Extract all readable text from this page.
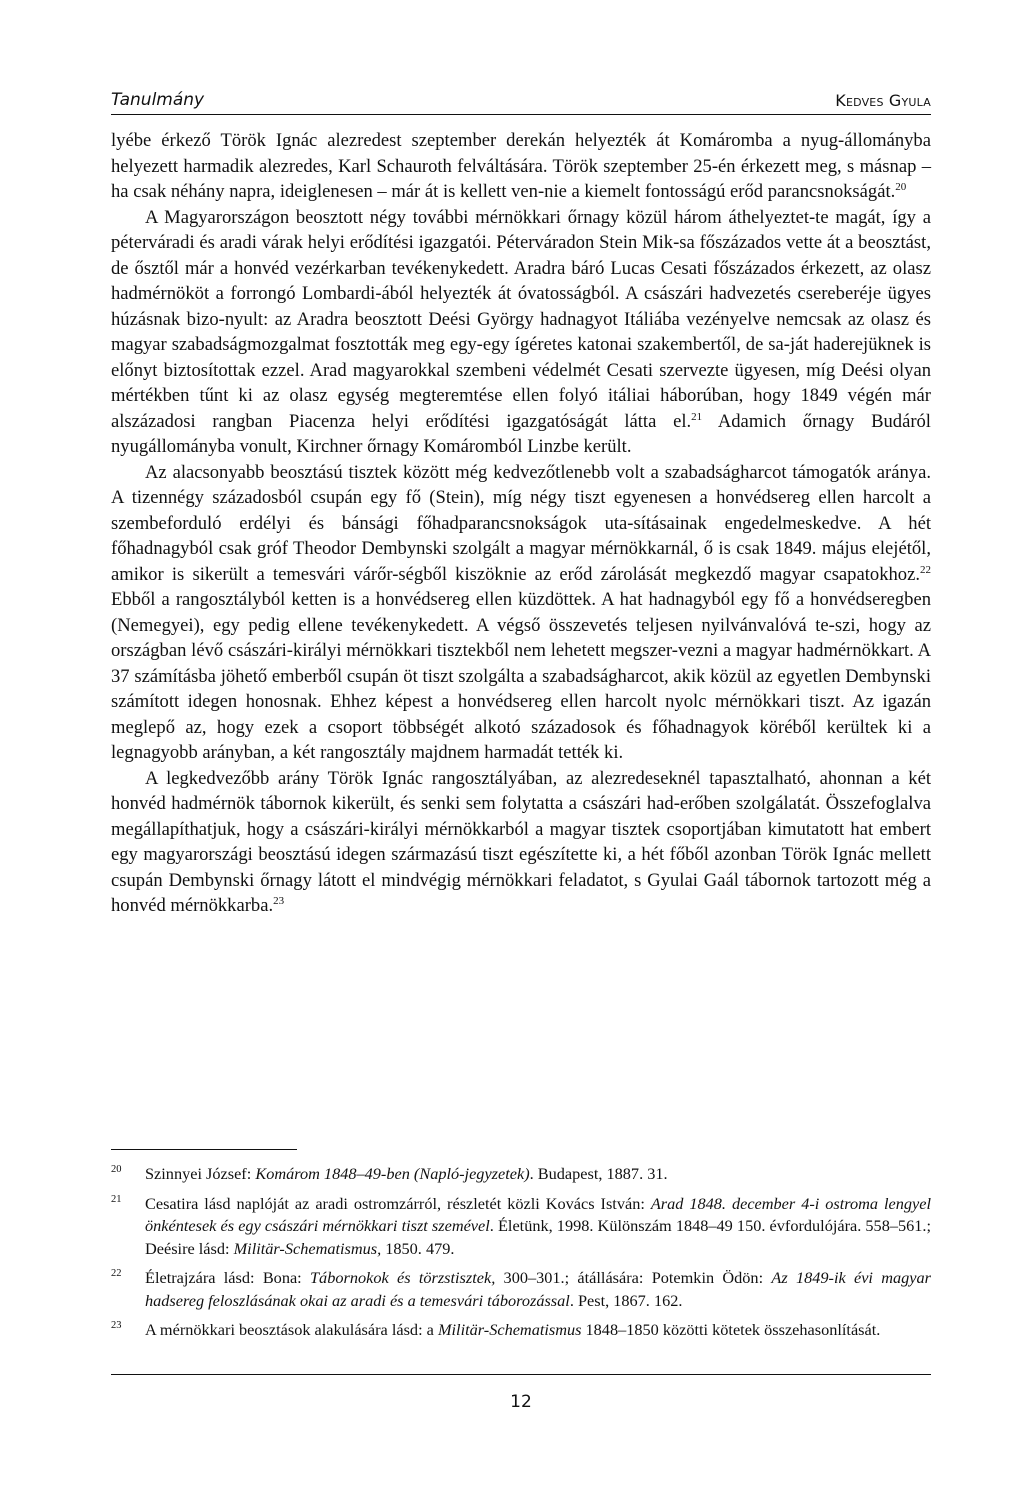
Tanulmány	Kedves Gyula

lyébe érkező Török Ignác alezredest szeptember derekán helyezték át Komáromba a nyug-állományba helyezett harmadik alezredes, Karl Schauroth felváltására. Török szeptember 25-én érkezett meg, s másnap – ha csak néhány napra, ideiglenesen – már át is kellett ven-nie a kiemelt fontosságú erőd parancsnokságát.$^{20}$

A Magyarországon beosztott négy további mérnökkari őrnagy közül három áthelyeztet-te magát, így a péterváradi és aradi várak helyi erődítési igazgatói. Péterváradon Stein Mik-sa főszázados vette át a beosztást, de ősztől már a honvéd vezérkarban tevékenykedett. Aradra báró Lucas Cesati főszázados érkezett, az olasz hadmérnököt a forrongó Lombardi-ából helyezték át óvatosságból. A császári hadvezetés csereberéje ügyes húzásnak bizo-nyult: az Aradra beosztott Deési György hadnagyot Itáliába vezényelve nemcsak az olasz és magyar szabadságmozgalmat fosztották meg egy-egy ígéretes katonai szakembertől, de sa-ját haderejüknek is előnyt biztosítottak ezzel. Arad magyarokkal szembeni védelmét Cesati szervezte ügyesen, míg Deési olyan mértékben tűnt ki az olasz egység megteremtése ellen folyó itáliai háborúban, hogy 1849 végén már alszázadosi rangban Piacenza helyi erődítési igazgatóságát látta el.$^{21}$ Adamich őrnagy Budáról nyugállományba vonult, Kirchner őrnagy Komáromból Linzbe került.

Az alacsonyabb beosztású tisztek között még kedvezőtlenebb volt a szabadságharcot támogatók aránya. A tizennégy századosból csupán egy fő (Stein), míg négy tiszt egyenesen a honvédsereg ellen harcolt a szembeforduló erdélyi és bánsági főhadparancsnokságok uta-sításainak engedelmeskedve. A hét főhadnagyból csak gróf Theodor Dembynski szolgált a magyar mérnökkarnál, ő is csak 1849. május elejétől, amikor is sikerült a temesvári várőr-ségből kiszöknie az erőd zárolását megkezdő magyar csapatokhoz.$^{22}$ Ebből a rangosztályból ketten is a honvédsereg ellen küzdöttek. A hat hadnagyból egy fő a honvédseregben (Nemegyei), egy pedig ellene tevékenykedett. A végső összevetés teljesen nyilvánvalóvá te-szi, hogy az országban lévő császári-királyi mérnökkari tisztekből nem lehetett megszer-vezni a magyar hadmérnökkart. A 37 számításba jöhető emberből csupán öt tiszt szolgálta a szabadságharcot, akik közül az egyetlen Dembynski számított idegen honosnak. Ehhez képest a honvédsereg ellen harcolt nyolc mérnökkari tiszt. Az igazán meglepő az, hogy ezek a csoport többségét alkotó századosok és főhadnagyok köréből kerültek ki a legnagyobb arányban, a két rangosztály majdnem harmadát tették ki.

A legkedvezőbb arány Török Ignác rangosztályában, az alezredeseknél tapasztalható, ahonnan a két honvéd hadmérnök tábornok kikerült, és senki sem folytatta a császári had-erőben szolgálatát. Összefoglalva megállapíthatjuk, hogy a császári-királyi mérnökkarból a magyar tisztek csoportjában kimutatott hat embert egy magyarországi beosztású idegen származású tiszt egészítette ki, a hét főből azonban Török Ignác mellett csupán Dembynski őrnagy látott el mindvégig mérnökkari feladatot, s Gyulai Gaál tábornok tartozott még a honvéd mérnökkarba.$^{23}$

20 Szinnyei József: Komárom 1848–49-ben (Napló-jegyzetek). Budapest, 1887. 31.
21 Cesatira lásd naplóját az aradi ostromzárról, részletét közli Kovács István: Arad 1848. december 4-i ostroma lengyel önkéntesek és egy császári mérnökkari tiszt szemével. Életünk, 1998. Különszám 1848–49 150. évfordulójára. 558–561.; Deésire lásd: Militär-Schematismus, 1850. 479.
22 Életrajzára lásd: Bona: Tábornokok és törzstisztek, 300–301.; átállására: Potemkin Ödön: Az 1849-ik évi magyar hadsereg feloszlásának okai az aradi és a temesvári táborozással. Pest, 1867. 162.
23 A mérnökkari beosztások alakulására lásd: a Militär-Schematismus 1848–1850 közötti kötetek összehasonlítását.
12
